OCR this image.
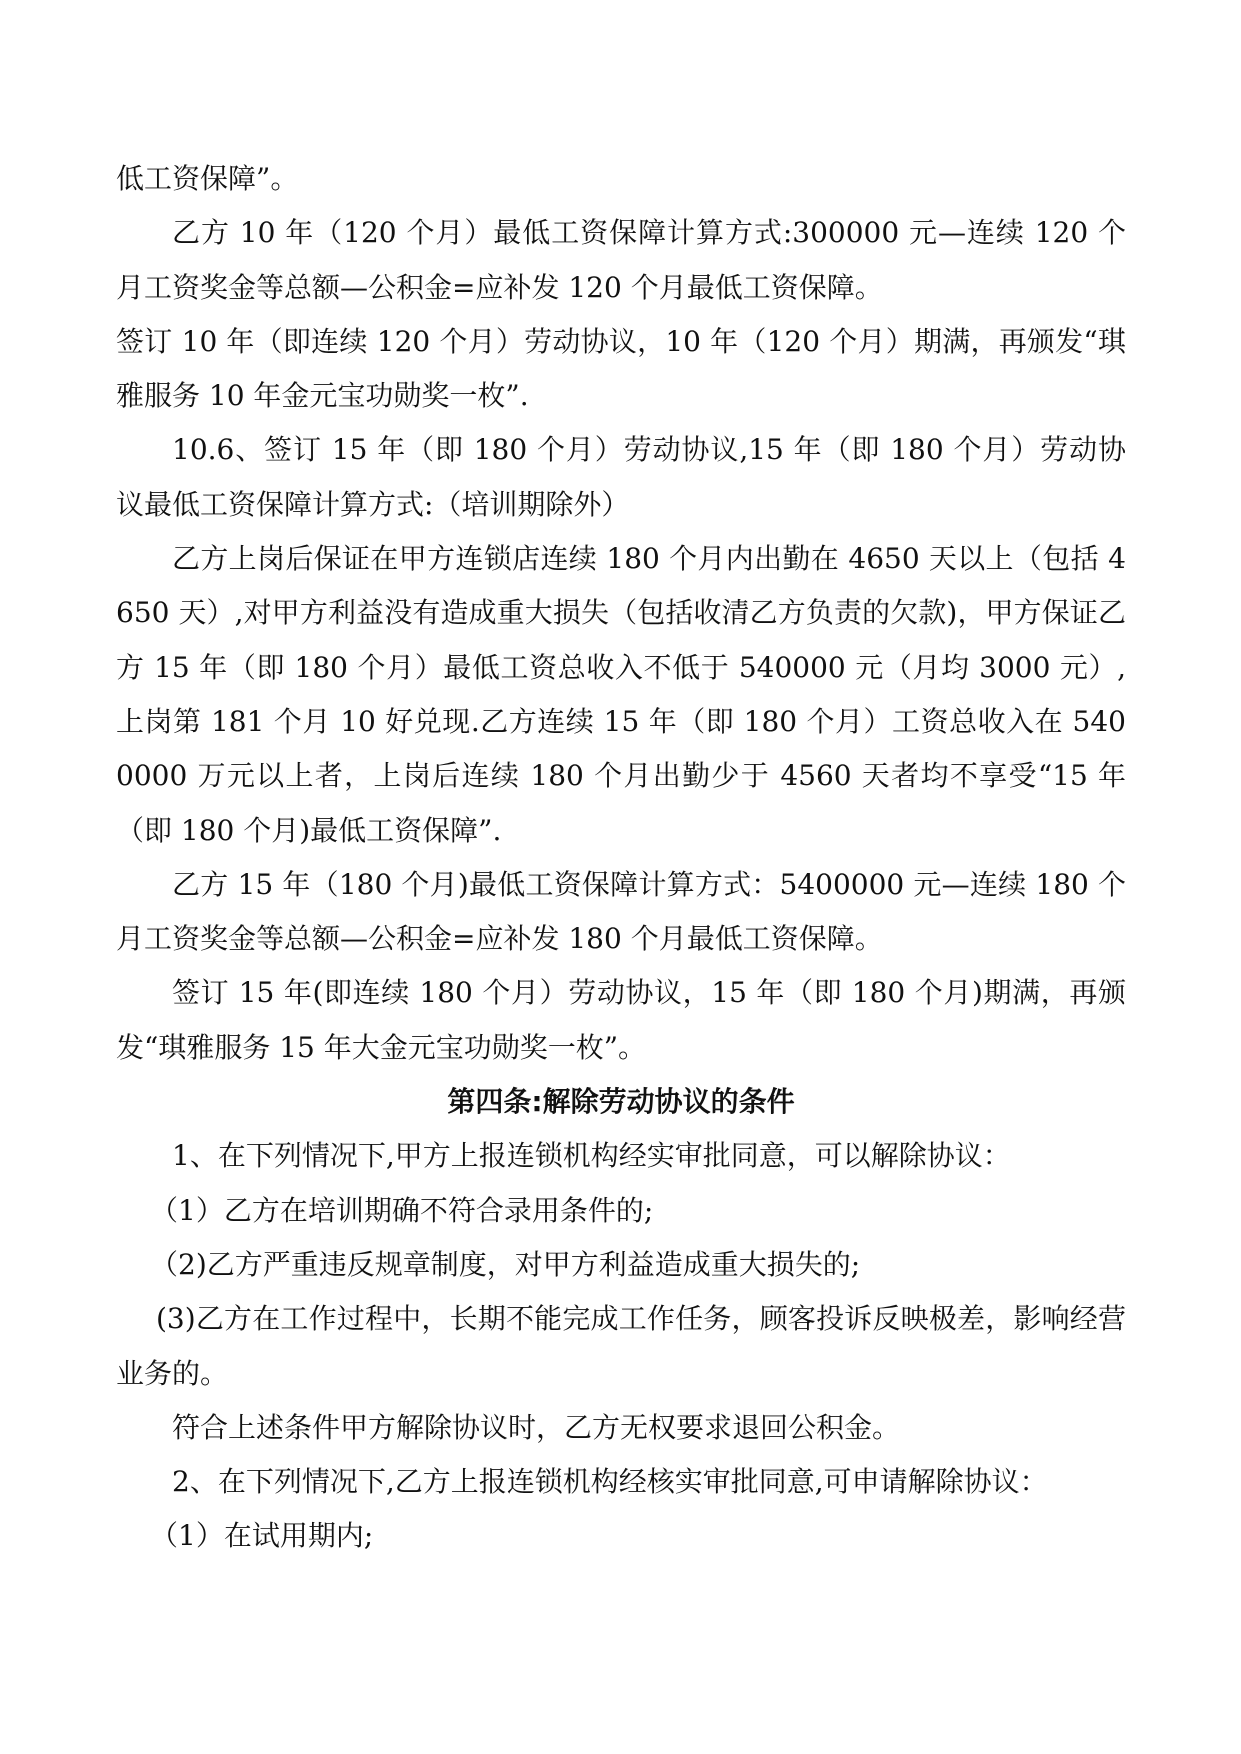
低工资保障”。

乙方 10 年（120 个月）最低工资保障计算方式:300000 元—连续 120 个月工资奖金等总额—公积金=应补发 120 个月最低工资保障。

签订 10 年（即连续 120 个月）劳动协议，10 年（120 个月）期满，再颁发“琪雅服务 10 年金元宝功勋奖一枚”.

10.6、签订 15 年（即 180 个月）劳动协议,15 年（即 180 个月）劳动协议最低工资保障计算方式:（培训期除外）

乙方上岗后保证在甲方连锁店连续 180 个月内出勤在 4650 天以上（包括 4650 天）,对甲方利益没有造成重大损失（包括收清乙方负责的欠款)，甲方保证乙方 15 年（即 180 个月）最低工资总收入不低于 540000 元（月均 3000 元）,上岗第 181 个月 10 好兑现.乙方连续 15 年（即 180 个月）工资总收入在 5400000 万元以上者，上岗后连续 180 个月出勤少于 4560 天者均不享受“15 年（即 180 个月)最低工资保障”.

乙方 15 年（180 个月)最低工资保障计算方式：5400000 元—连续 180 个月工资奖金等总额—公积金=应补发 180 个月最低工资保障。

签订 15 年(即连续 180 个月）劳动协议，15 年（即 180 个月)期满，再颁发“琪雅服务 15 年大金元宝功勋奖一枚”。

第四条:解除劳动协议的条件

1、在下列情况下,甲方上报连锁机构经实审批同意，可以解除协议：

（1）乙方在培训期确不符合录用条件的;

（2)乙方严重违反规章制度，对甲方利益造成重大损失的;

(3)乙方在工作过程中，长期不能完成工作任务，顾客投诉反映极差，影响经营业务的。

符合上述条件甲方解除协议时，乙方无权要求退回公积金。

2、在下列情况下,乙方上报连锁机构经核实审批同意,可申请解除协议：

（1）在试用期内;
